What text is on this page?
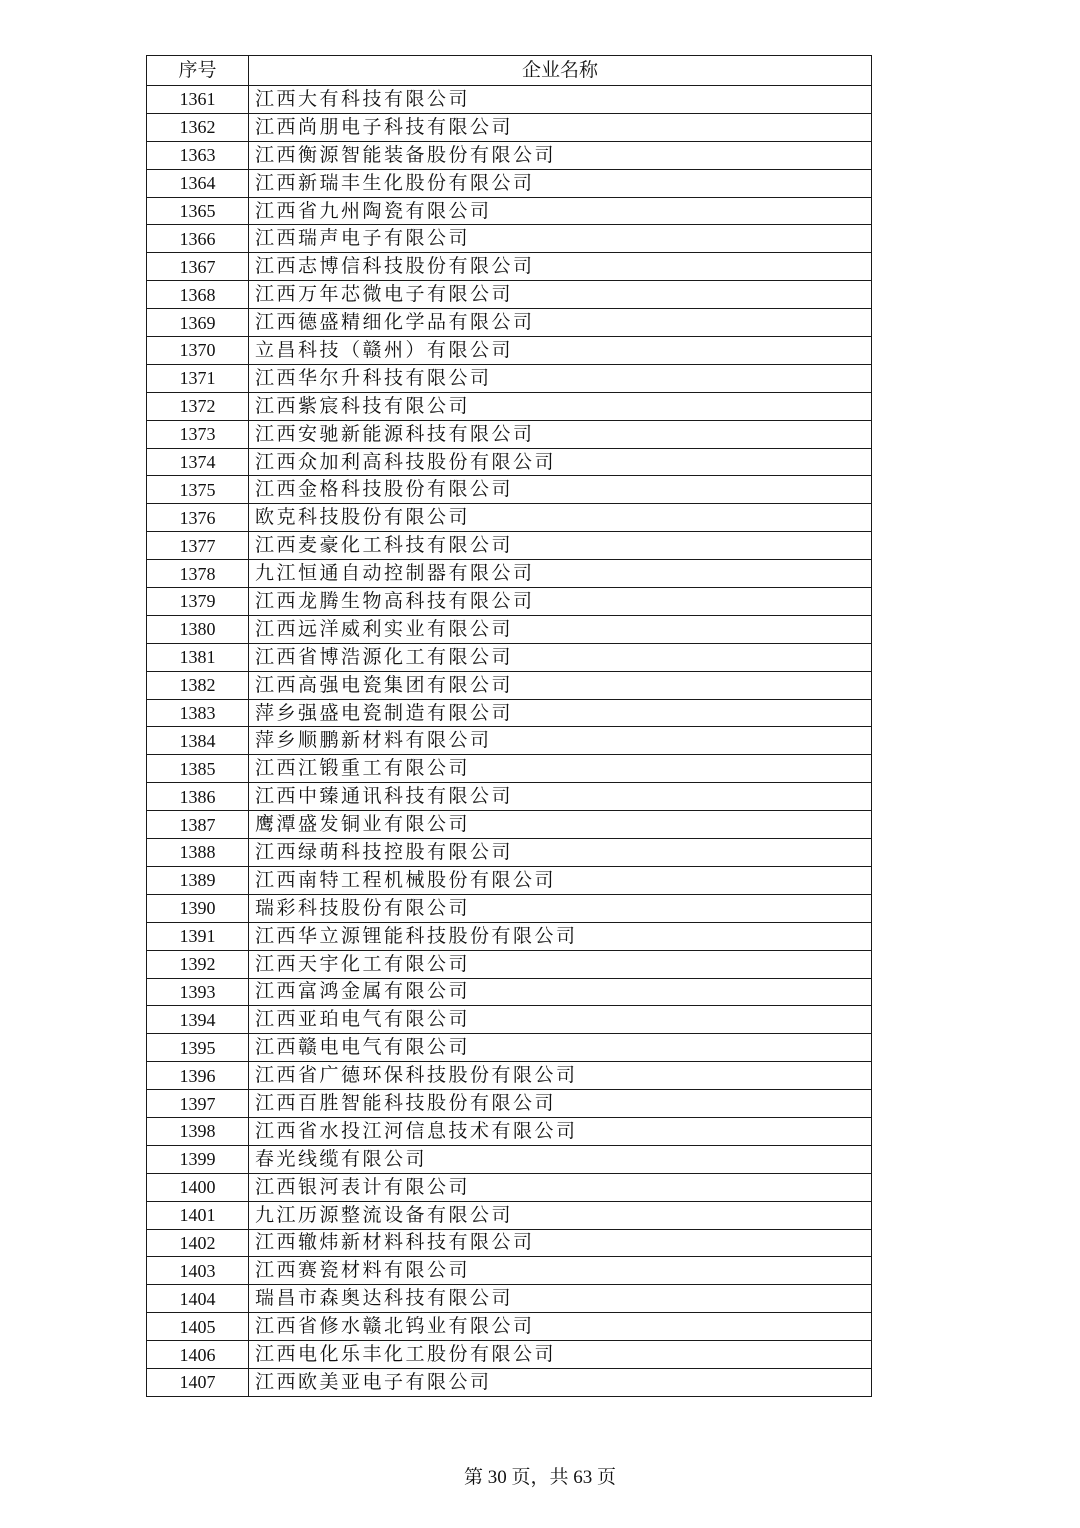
序号	企业名称
1361	江西大有科技有限公司
1362	江西尚朋电子科技有限公司
1363	江西衡源智能装备股份有限公司
1364	江西新瑞丰生化股份有限公司
1365	江西省九州陶瓷有限公司
1366	江西瑞声电子有限公司
1367	江西志博信科技股份有限公司
1368	江西万年芯微电子有限公司
1369	江西德盛精细化学品有限公司
1370	立昌科技（赣州）有限公司
1371	江西华尔升科技有限公司
1372	江西紫宸科技有限公司
1373	江西安驰新能源科技有限公司
1374	江西众加利高科技股份有限公司
1375	江西金格科技股份有限公司
1376	欧克科技股份有限公司
1377	江西麦豪化工科技有限公司
1378	九江恒通自动控制器有限公司
1379	江西龙腾生物高科技有限公司
1380	江西远洋威利实业有限公司
1381	江西省博浩源化工有限公司
1382	江西高强电瓷集团有限公司
1383	萍乡强盛电瓷制造有限公司
1384	萍乡顺鹏新材料有限公司
1385	江西江锻重工有限公司
1386	江西中臻通讯科技有限公司
1387	鹰潭盛发铜业有限公司
1388	江西绿萌科技控股有限公司
1389	江西南特工程机械股份有限公司
1390	瑞彩科技股份有限公司
1391	江西华立源锂能科技股份有限公司
1392	江西天宇化工有限公司
1393	江西富鸿金属有限公司
1394	江西亚珀电气有限公司
1395	江西赣电电气有限公司
1396	江西省广德环保科技股份有限公司
1397	江西百胜智能科技股份有限公司
1398	江西省水投江河信息技术有限公司
1399	春光线缆有限公司
1400	江西银河表计有限公司
1401	九江历源整流设备有限公司
1402	江西辙炜新材料科技有限公司
1403	江西赛瓷材料有限公司
1404	瑞昌市森奥达科技有限公司
1405	江西省修水赣北钨业有限公司
1406	江西电化乐丰化工股份有限公司
1407	江西欧美亚电子有限公司
第 30 页，共 63 页
